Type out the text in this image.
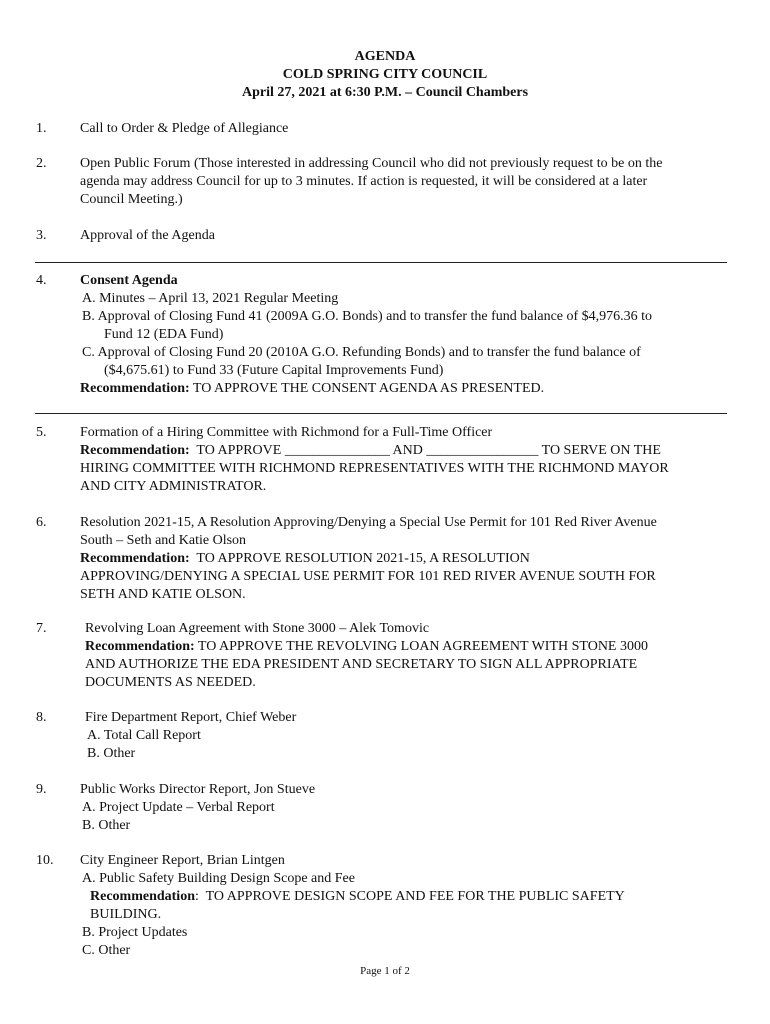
AGENDA
COLD SPRING CITY COUNCIL
April 27, 2021 at 6:30 P.M. – Council Chambers
1. Call to Order & Pledge of Allegiance
2. Open Public Forum (Those interested in addressing Council who did not previously request to be on the
agenda may address Council for up to 3 minutes. If action is requested, it will be considered at a later
Council Meeting.)
3. Approval of the Agenda
4. Consent Agenda
A. Minutes – April 13, 2021 Regular Meeting
B. Approval of Closing Fund 41 (2009A G.O. Bonds) and to transfer the fund balance of $4,976.36 to
Fund 12 (EDA Fund)
C. Approval of Closing Fund 20 (2010A G.O. Refunding Bonds) and to transfer the fund balance of
($4,675.61) to Fund 33 (Future Capital Improvements Fund)
Recommendation: TO APPROVE THE CONSENT AGENDA AS PRESENTED.
5. Formation of a Hiring Committee with Richmond for a Full-Time Officer
Recommendation:  TO APPROVE _______________ AND ________________ TO SERVE ON THE
HIRING COMMITTEE WITH RICHMOND REPRESENTATIVES WITH THE RICHMOND MAYOR
AND CITY ADMINISTRATOR.
6. Resolution 2021-15, A Resolution Approving/Denying a Special Use Permit for 101 Red River Avenue
South – Seth and Katie Olson
Recommendation:  TO APPROVE RESOLUTION 2021-15, A RESOLUTION
APPROVING/DENYING A SPECIAL USE PERMIT FOR 101 RED RIVER AVENUE SOUTH FOR
SETH AND KATIE OLSON.
7.	Revolving Loan Agreement with Stone 3000 – Alek Tomovic
Recommendation: TO APPROVE THE REVOLVING LOAN AGREEMENT WITH STONE 3000
AND AUTHORIZE THE EDA PRESIDENT AND SECRETARY TO SIGN ALL APPROPRIATE
DOCUMENTS AS NEEDED.
8.	Fire Department Report, Chief Weber
A. Total Call Report
B. Other
9. Public Works Director Report, Jon Stueve
A. Project Update – Verbal Report
B. Other
10. City Engineer Report, Brian Lintgen
A. Public Safety Building Design Scope and Fee
Recommendation:  TO APPROVE DESIGN SCOPE AND FEE FOR THE PUBLIC SAFETY
BUILDING.
B. Project Updates
C. Other
Page 1 of 2
